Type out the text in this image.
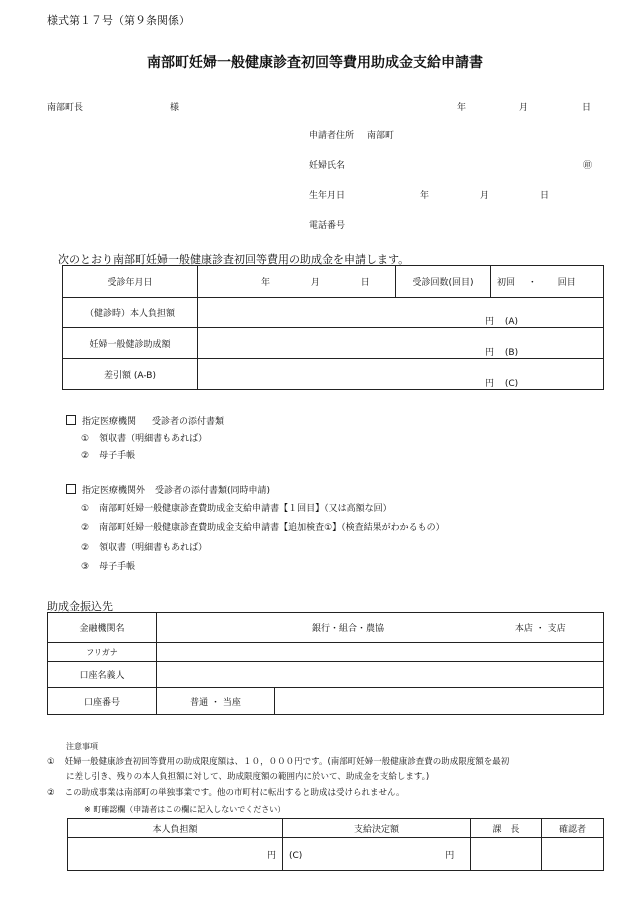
様式第１７号（第９条関係）
南部町妊婦一般健康診査初回等費用助成金支給申請書
南部町長	様	年	月	日
申請者住所 南部町
妊婦氏名	㊞
生年月日	年	月	日
電話番号
次のとおり南部町妊婦一般健康診査初回等費用の助成金を申請します。
受診年月日	年 月 日	受診回数(回目)	初回 ・ 回目
（健診時）本人負担額	円 (A)		
妊婦一般健診助成額	円 (B)		
差引額 (A-B)	円 (C)		
指定医療機関 受診者の添付書類
① 領収書（明細書もあれば）
② 母子手帳
指定医療機関外 受診者の添付書類(同時申請)
① 南部町妊婦一般健康診査費助成金支給申請書【１回目】（又は高額な回）
② 南部町妊婦一般健康診査費助成金支給申請書【追加検査①】（検査結果がわかるもの）
② 領収書（明細書もあれば）
③ 母子手帳
助成金振込先
金融機関名	銀行・組合・農協 本店 ・ 支店	
フリガナ		
口座名義人		
口座番号	普通 ・ 当座	
注意事項
① 妊婦一般健康診査初回等費用の助成限度額は、１０，０００円です。(南部町妊婦一般健康診査費の助成限度額を最初
に差し引き、残りの本人負担額に対して、助成限度額の範囲内に於いて、助成金を支給します。)
② この助成事業は南部町の単独事業です。他の市町村に転出すると助成は受けられません。
※ 町確認欄（申請者はこの欄に記入しないでください）
本人負担額	支給決定額	課　長	確認者
円	(C) 円		
